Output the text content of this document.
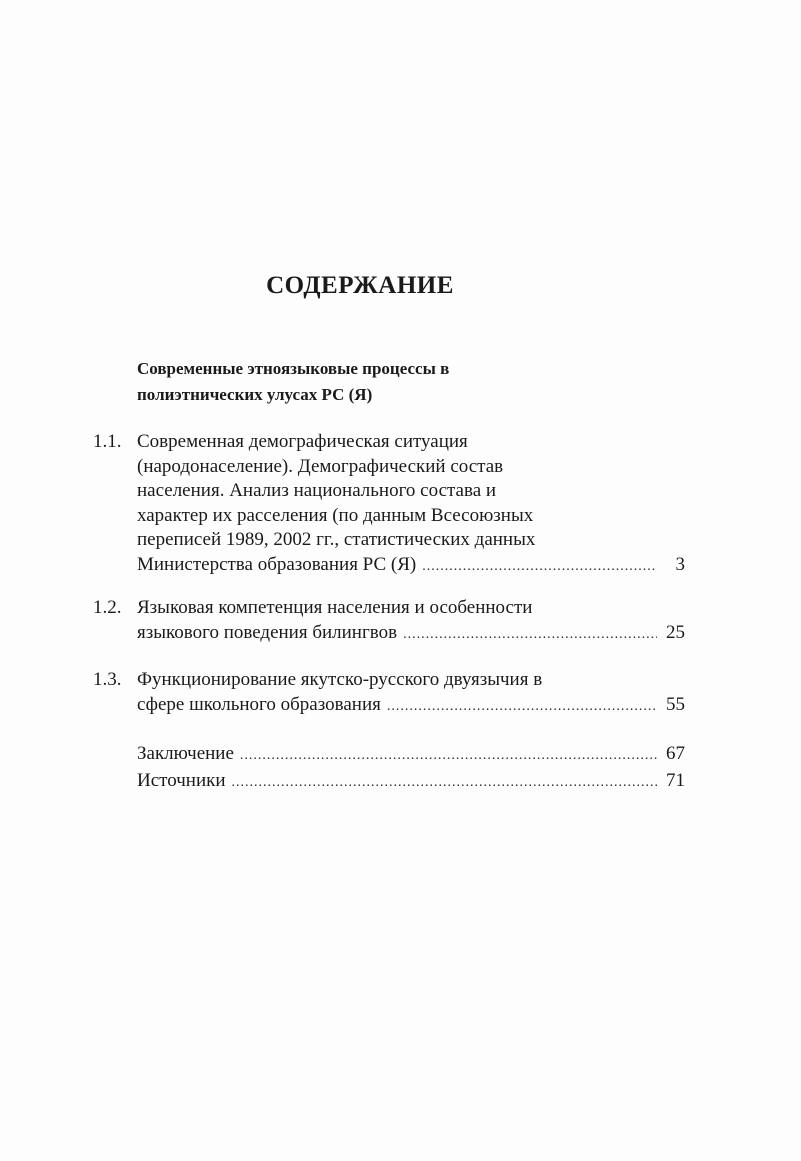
СОДЕРЖАНИЕ
Современные этноязыковые процессы в
полиэтнических улусах РС (Я)
1.1. Современная демографическая ситуация
(народонаселение). Демографический состав
населения. Анализ национального состава и
характер их расселения (по данным Всесоюзных
переписей 1989, 2002 гг., статистических данных
Министерства образования РС (Я) .....	3
1.2. Языковая компетенция населения и особенности
языкового поведения билингвов .....	25
1.3. Функционирование якутско-русского двуязычия в
сфере школьного образования .....	55
Заключение .....	67
Источники .....	71
